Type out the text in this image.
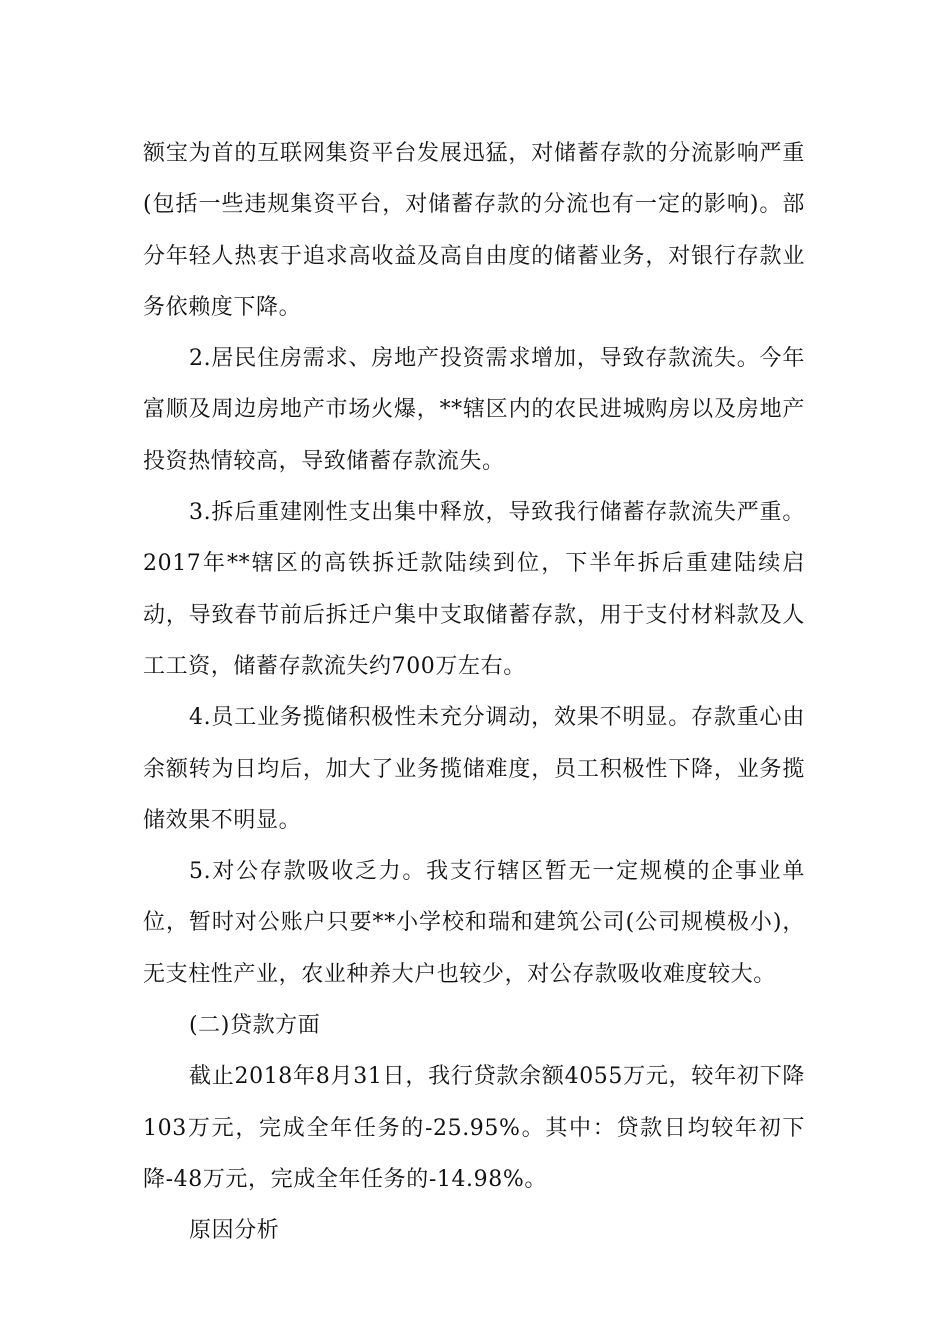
额宝为首的互联网集资平台发展迅猛，对储蓄存款的分流影响严重(包括一些违规集资平台，对储蓄存款的分流也有一定的影响)。部分年轻人热衷于追求高收益及高自由度的储蓄业务，对银行存款业务依赖度下降。

2.居民住房需求、房地产投资需求增加，导致存款流失。今年富顺及周边房地产市场火爆，**辖区内的农民进城购房以及房地产投资热情较高，导致储蓄存款流失。

3.拆后重建刚性支出集中释放，导致我行储蓄存款流失严重。2017年**辖区的高铁拆迁款陆续到位，下半年拆后重建陆续启动，导致春节前后拆迁户集中支取储蓄存款，用于支付材料款及人工工资，储蓄存款流失约700万左右。

4.员工业务揽储积极性未充分调动，效果不明显。存款重心由余额转为日均后，加大了业务揽储难度，员工积极性下降，业务揽储效果不明显。

5.对公存款吸收乏力。我支行辖区暂无一定规模的企事业单位，暂时对公账户只要**小学校和瑞和建筑公司(公司规模极小)，无支柱性产业，农业种养大户也较少，对公存款吸收难度较大。

(二)贷款方面

截止2018年8月31日，我行贷款余额4055万元，较年初下降103万元，完成全年任务的-25.95%。其中：贷款日均较年初下降-48万元，完成全年任务的-14.98%。

原因分析
